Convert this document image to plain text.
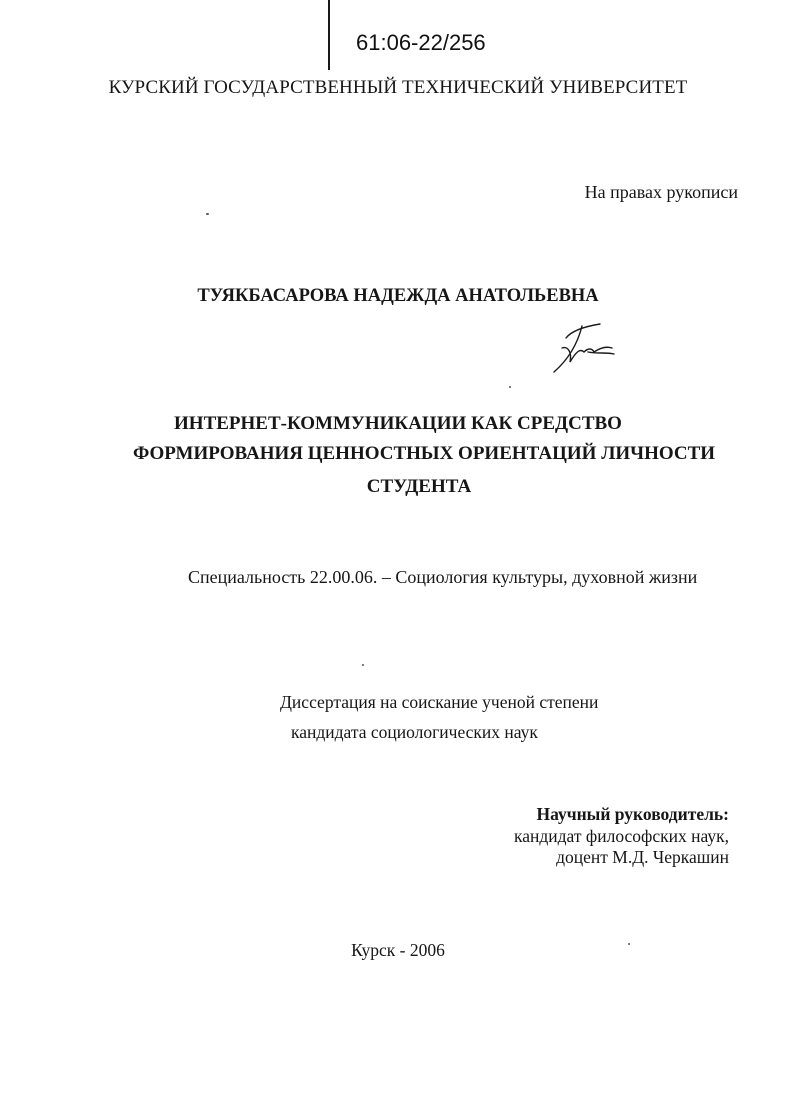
61:06-22/256
КУРСКИЙ ГОСУДАРСТВЕННЫЙ ТЕХНИЧЕСКИЙ УНИВЕРСИТЕТ
На правах рукописи
ТУЯКБАСАРОВА НАДЕЖДА АНАТОЛЬЕВНА
ИНТЕРНЕТ-КОММУНИКАЦИИ КАК СРЕДСТВО
ФОРМИРОВАНИЯ ЦЕННОСТНЫХ ОРИЕНТАЦИЙ ЛИЧНОСТИ
СТУДЕНТА
Специальность 22.00.06. – Социология культуры, духовной жизни
Диссертация на соискание ученой степени
кандидата социологических наук
Научный руководитель:
кандидат философских наук,
доцент М.Д. Черкашин
Курск - 2006
